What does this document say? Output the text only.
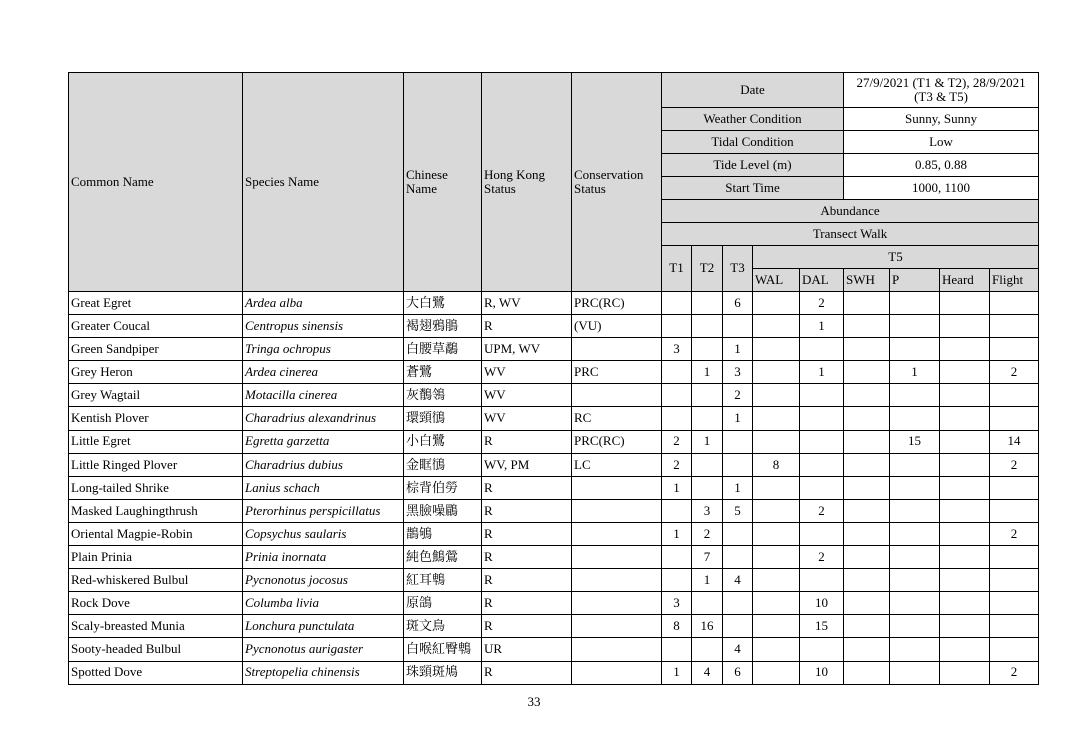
Common Name	Species Name	Chinese Name	Hong Kong Status	Conservation Status	Date					27/9/2021 (T1 & T2), 28/9/2021 (T3 & T5)			
					Weather Condition					Sunny, Sunny			
					Tidal Condition					Low			
					Tide Level (m)					0.85, 0.88			
					Start Time					1000, 1100			
					Abundance								
					Transect Walk								
					T1	T2	T3	T5					
								WAL	DAL	SWH	P	Heard	Flight
Great Egret	Ardea alba	大白鷺	R, WV	PRC(RC)			6		2				
Greater Coucal	Centropus sinensis	褐翅鴉鵑	R	(VU)					1				
Green Sandpiper	Tringa ochropus	白腰草鷸	UPM, WV		3		1						
Grey Heron	Ardea cinerea	蒼鷺	WV	PRC		1	3		1		1		2
Grey Wagtail	Motacilla cinerea	灰鶺鴒	WV				2						
Kentish Plover	Charadrius alexandrinus	環頸鴴	WV	RC			1						
Little Egret	Egretta garzetta	小白鷺	R	PRC(RC)	2	1					15		14
Little Ringed Plover	Charadrius dubius	金眶鴴	WV, PM	LC	2			8					2
Long-tailed Shrike	Lanius schach	棕背伯勞	R		1		1						
Masked Laughingthrush	Pterorhinus perspicillatus	黑臉噪鶥	R			3	5		2				
Oriental Magpie-Robin	Copsychus saularis	鵲鴝	R		1	2							2
Plain Prinia	Prinia inornata	純色鷦鶯	R			7			2				
Red-whiskered Bulbul	Pycnonotus jocosus	紅耳鵯	R			1	4						
Rock Dove	Columba livia	原鴿	R		3				10				
Scaly-breasted Munia	Lonchura punctulata	斑文鳥	R		8	16			15				
Sooty-headed Bulbul	Pycnonotus aurigaster	白喉紅臀鵯	UR				4						
Spotted Dove	Streptopelia chinensis	珠頸斑鳩	R		1	4	6		10				2
33
